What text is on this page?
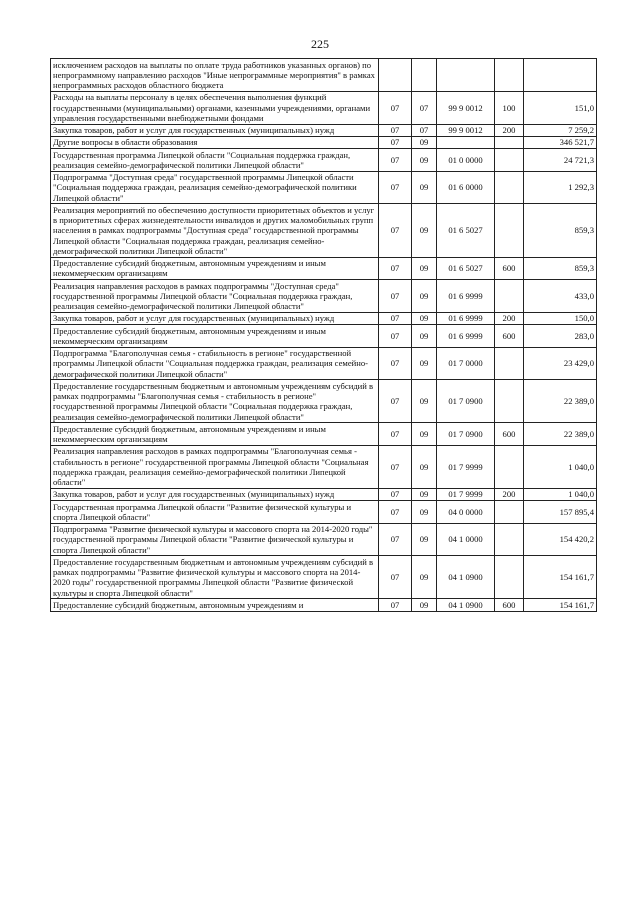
225
исключением расходов на выплаты по оплате труда работников указанных органов) по непрограммному направлению расходов "Иные непрограммные мероприятия" в рамках непрограммных расходов областного бюджета					
Расходы на выплаты персоналу в целях обеспечения выполнения функций государственными (муниципальными) органами, казенными учреждениями, органами управления государственными внебюджетными фондами	07	07	99 9 0012	100	151,0
Закупка товаров, работ и услуг для государственных (муниципальных) нужд	07	07	99 9 0012	200	7 259,2
Другие вопросы в области образования	07	09			346 521,7
Государственная программа Липецкой области "Социальная поддержка граждан, реализация семейно-демографической политики Липецкой области"	07	09	01 0 0000		24 721,3
Подпрограмма "Доступная среда" государственной программы Липецкой области "Социальная поддержка граждан, реализация семейно-демографической политики Липецкой области"	07	09	01 6 0000		1 292,3
Реализация мероприятий по обеспечению доступности приоритетных объектов и услуг в приоритетных сферах жизнедеятельности инвалидов и других маломобильных групп населения в рамках подпрограммы "Доступная среда" государственной программы Липецкой области "Социальная поддержка граждан, реализация семейно-демографической политики Липецкой области"	07	09	01 6 5027		859,3
Предоставление субсидий бюджетным, автономным учреждениям и иным некоммерческим организациям	07	09	01 6 5027	600	859,3
Реализация направления расходов в рамках подпрограммы "Доступная среда" государственной программы Липецкой области "Социальная поддержка граждан, реализация семейно-демографической политики Липецкой области"	07	09	01 6 9999		433,0
Закупка товаров, работ и услуг для государственных (муниципальных) нужд	07	09	01 6 9999	200	150,0
Предоставление субсидий бюджетным, автономным учреждениям и иным некоммерческим организациям	07	09	01 6 9999	600	283,0
Подпрограмма "Благополучная семья - стабильность в регионе" государственной программы Липецкой области "Социальная поддержка граждан, реализация семейно-демографической политики Липецкой области"	07	09	01 7 0000		23 429,0
Предоставление государственным бюджетным и автономным учреждениям субсидий в рамках подпрограммы "Благополучная семья - стабильность в регионе" государственной программы Липецкой области "Социальная поддержка граждан, реализация семейно-демографической политики Липецкой области"	07	09	01 7 0900		22 389,0
Предоставление субсидий бюджетным, автономным учреждениям и иным некоммерческим организациям	07	09	01 7 0900	600	22 389,0
Реализация направления расходов в рамках подпрограммы "Благополучная семья - стабильность в регионе" государственной программы Липецкой области "Социальная поддержка граждан, реализация семейно-демографической политики Липецкой области"	07	09	01 7 9999		1 040,0
Закупка товаров, работ и услуг для государственных (муниципальных) нужд	07	09	01 7 9999	200	1 040,0
Государственная программа Липецкой области "Развитие физической культуры и спорта Липецкой области"	07	09	04 0 0000		157 895,4
Подпрограмма "Развитие физической культуры и массового спорта на 2014-2020 годы" государственной программы Липецкой области "Развитие физической культуры и спорта Липецкой области"	07	09	04 1 0000		154 420,2
Предоставление государственным бюджетным и автономным учреждениям субсидий в рамках подпрограммы "Развитие физической культуры и массового спорта на 2014-2020 годы" государственной программы Липецкой области "Развитие физической культуры и спорта Липецкой области"	07	09	04 1 0900		154 161,7
Предоставление субсидий бюджетным, автономным учреждениям и	07	09	04 1 0900	600	154 161,7
